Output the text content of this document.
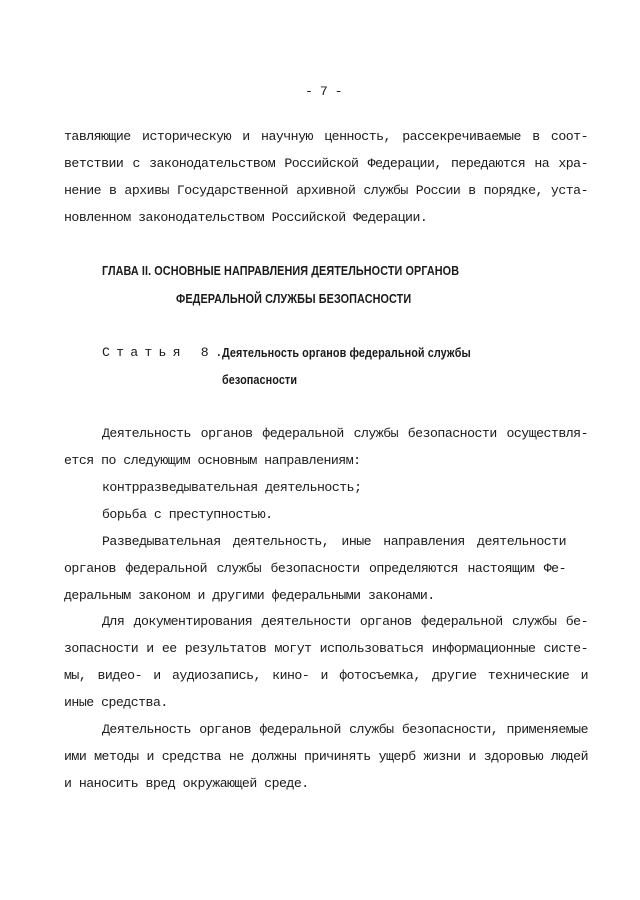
- 7 -
тавляющие историческую и научную ценность, рассекречиваемые в соот-
ветствии с законодательством Российской Федерации, передаются на хра-
нение в архивы Государственной архивной службы России в порядке, уста-
новленном законодательством Российской Федерации.
ГЛАВА II. ОСНОВНЫЕ НАПРАВЛЕНИЯ ДЕЯТЕЛЬНОСТИ ОРГАНОВ
ФЕДЕРАЛЬНОЙ СЛУЖБЫ БЕЗОПАСНОСТИ
Статья 8.
Деятельность органов федеральной службы
безопасности
Деятельность органов федеральной службы безопасности осуществля-
ется по следующим основным направлениям:
контрразведывательная деятельность;
борьба с преступностью.
Разведывательная деятельность, иные направления деятельности
органов федеральной службы безопасности определяются настоящим Фе-
деральным законом и другими федеральными законами.
Для документирования деятельности органов федеральной службы бе-
зопасности и ее результатов могут использоваться информационные систе-
мы, видео- и аудиозапись, кино- и фотосъемка, другие технические и
иные средства.
Деятельность органов федеральной службы безопасности, применяемые
ими методы и средства не должны причинять ущерб жизни и здоровью людей
и наносить вред окружающей среде.
